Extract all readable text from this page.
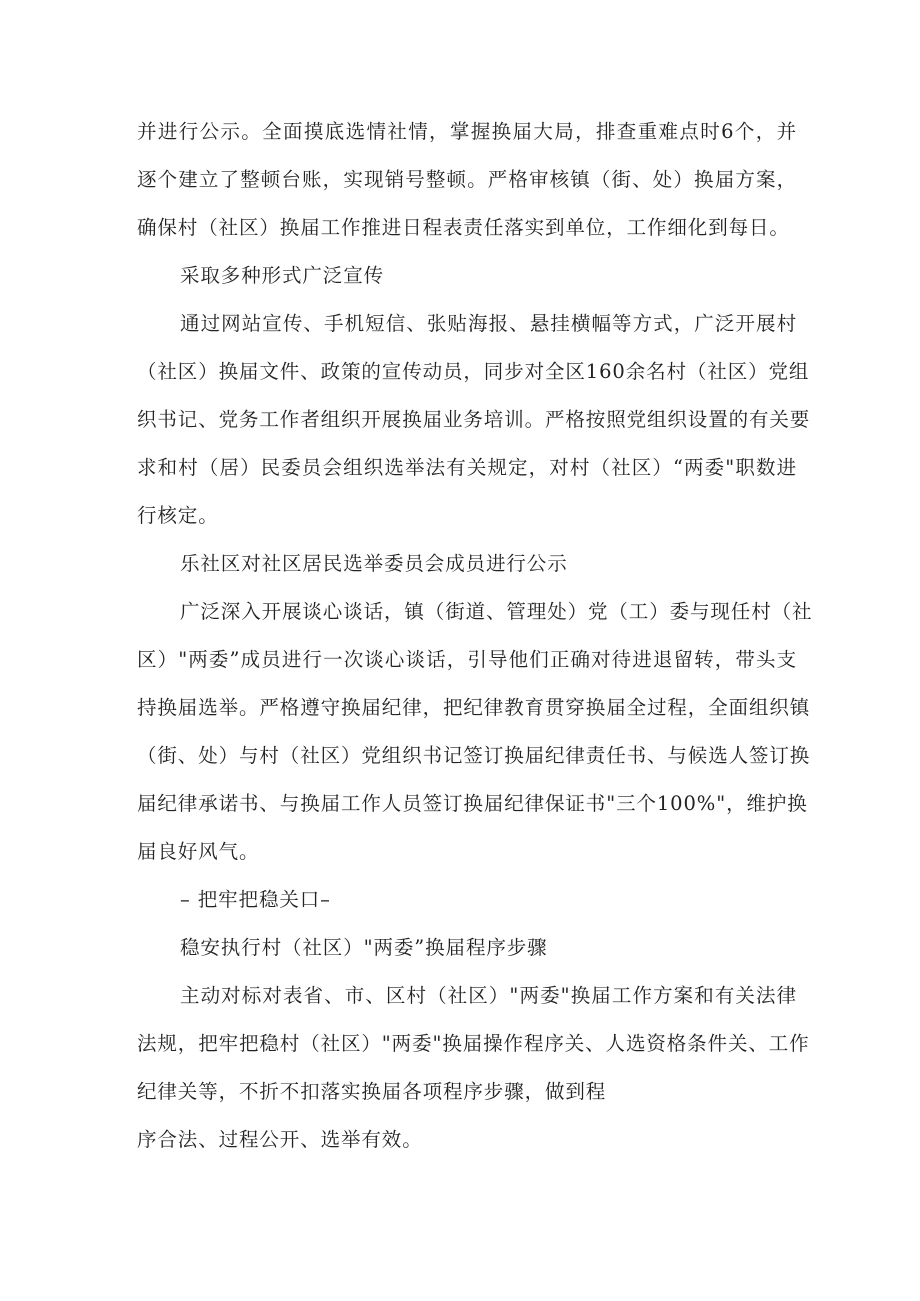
并进行公示。全面摸底选情社情，掌握换届大局，排查重难点时6个，并
逐个建立了整顿台账，实现销号整顿。严格审核镇（街、处）换届方案，
确保村（社区）换届工作推进日程表责任落实到单位，工作细化到每日。
采取多种形式广泛宣传
通过网站宣传、手机短信、张贴海报、悬挂横幅等方式，广泛开展村
（社区）换届文件、政策的宣传动员，同步对全区160余名村（社区）党组
织书记、党务工作者组织开展换届业务培训。严格按照党组织设置的有关要
求和村（居）民委员会组织选举法有关规定，对村（社区）“两委"职数进
行核定。
乐社区对社区居民选举委员会成员进行公示
广泛深入开展谈心谈话，镇（街道、管理处）党（工）委与现任村（社
区）"两委”成员进行一次谈心谈话，引导他们正确对待进退留转，带头支
持换届选举。严格遵守换届纪律，把纪律教育贯穿换届全过程，全面组织镇
（街、处）与村（社区）党组织书记签订换届纪律责任书、与候选人签订换
届纪律承诺书、与换届工作人员签订换届纪律保证书"三个100%"，维护换
届良好风气。
– 把牢把稳关口–
稳安执行村（社区）"两委”换届程序步骤
主动对标对表省、市、区村（社区）"两委"换届工作方案和有关法律
法规，把牢把稳村（社区）"两委"换届操作程序关、人选资格条件关、工作
纪律关等，不折不扣落实换届各项程序步骤，做到程
序合法、过程公开、选举有效。
